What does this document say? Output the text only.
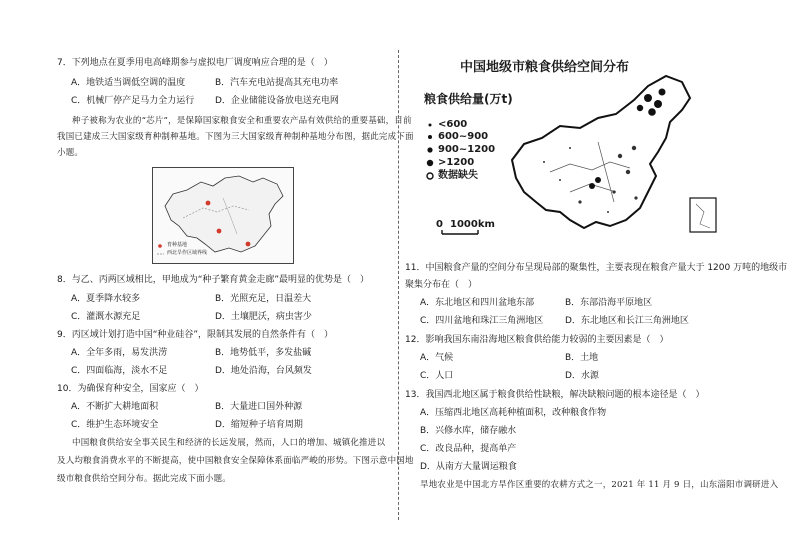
7．下列地点在夏季用电高峰期参与虚拟电厂调度响应合理的是（　）
A．地铁适当调低空调的温度	B．汽车充电站提高其充电功率
C．机械厂停产足马力全力运行 D．企业储能设备放电送充电网
种子被称为农业的“芯片”，是保障国家粮食安全和重要农产品有效供给的重要基础，目前
我国已建成三大国家级育种制种基地。下图为三大国家级育种制种基地分布图，据此完成下面
小题。
育种基地
西北旱作区域界线
8．与乙、丙两区域相比，甲地成为“种子繁育黄金走廊”最明显的优势是（　）
A．夏季降水较多	B．光照充足，日温差大
C．灌溉水源充足	D．土壤肥沃，病虫害少
9．丙区域计划打造中国“种业硅谷”，限制其发展的自然条件有（　）
A．全年多雨，易发洪涝	B．地势低平，多发盐碱
C．四面临海，淡水不足	D．地处沿海，台风频发
10．为确保育种安全，国家应（　）
A．不断扩大耕地面积	B．大量进口国外种源
C．维护生态环境安全	D．缩短种子培育周期
中国粮食供给安全事关民生和经济的长远发展，然而，人口的增加、城镇化推进以
及人均粮食消费水平的不断提高，使中国粮食安全保障体系面临严峻的形势。下图示意中国地
级市粮食供给空间分布。据此完成下面小题。
中国地级市粮食供给空间分布
粮食供给量(万t)
<600
600~900
900~1200
>1200
数据缺失
0 1000km
11．中国粮食产量的空间分布呈现局部的聚集性，主要表现在粮食产量大于 1200 万吨的地级市
聚集分布在（　）
A．东北地区和四川盆地东部	B．东部沿海平原地区
C．四川盆地和珠江三角洲地区 D．东北地区和长江三角洲地区
12．影响我国东南沿海地区粮食供给能力较弱的主要因素是（　）
A．气候	B．土地
C．人口	D．水源
13．我国西北地区属于粮食供给性缺粮，解决缺粮问题的根本途径是（　）
A．压缩西北地区高耗种植面积，改种粮食作物
B．兴修水库，储存融水
C．改良品种，提高单产
D．从南方大量调运粮食
旱地农业是中国北方旱作区重要的农耕方式之一，2021 年 11 月 9 日，山东淄阳市调研进入
